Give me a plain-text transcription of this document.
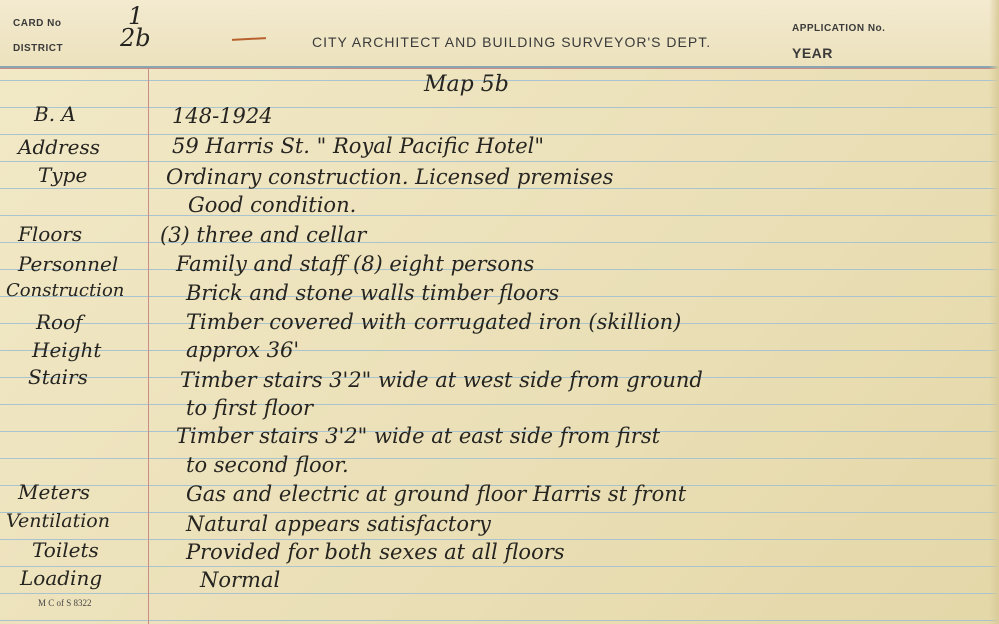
CARD No
DISTRICT
1
2b	CITY ARCHITECT AND BUILDING SURVEYOR'S DEPT.
APPLICATION No.
YEAR
Map 5b
B. A
Address
Type
Floors
Personnel
Construction
Roof
Height
Stairs
Meters
Ventilation
Toilets
Loading
148-1924
59 Harris St. " Royal Pacific Hotel"
Ordinary construction. Licensed premises
Good condition.
(3) three and cellar
Family and staff (8) eight persons
Brick and stone walls timber floors
Timber covered with corrugated iron (skillion)
approx 36'
Timber stairs 3'2" wide at west side from ground
to first floor
Timber stairs 3'2" wide at east side from first
to second floor.
Gas and electric at ground floor Harris st front
Natural appears satisfactory
Provided for both sexes at all floors
Normal
M C of S 8322
